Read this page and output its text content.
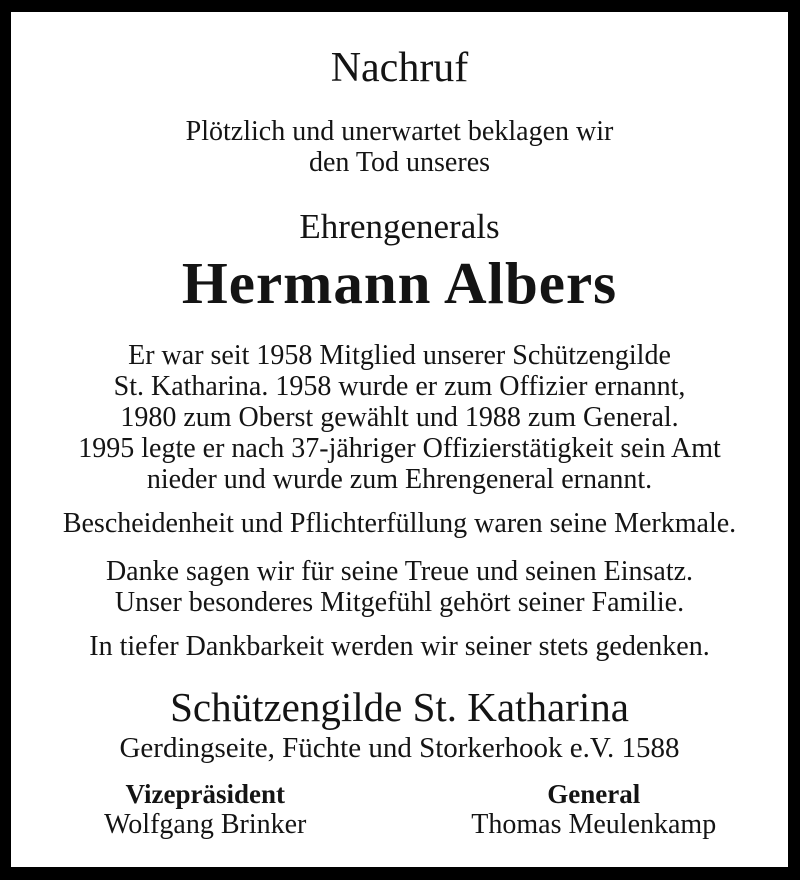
Nachruf
Plötzlich und unerwartet beklagen wir
den Tod unseres
Ehrengenerals
Hermann Albers
Er war seit 1958 Mitglied unserer Schützengilde
St. Katharina. 1958 wurde er zum Offizier ernannt,
1980 zum Oberst gewählt und 1988 zum General.
1995 legte er nach 37-jähriger Offizierstätigkeit sein Amt
nieder und wurde zum Ehrengeneral ernannt.
Bescheidenheit und Pflichterfüllung waren seine Merkmale.
Danke sagen wir für seine Treue und seinen Einsatz.
Unser besonderes Mitgefühl gehört seiner Familie.
In tiefer Dankbarkeit werden wir seiner stets gedenken.
Schützengilde St. Katharina
Gerdingseite, Füchte und Storkerhook e.V. 1588
Vizepräsident
Wolfgang Brinker
General
Thomas Meulenkamp
